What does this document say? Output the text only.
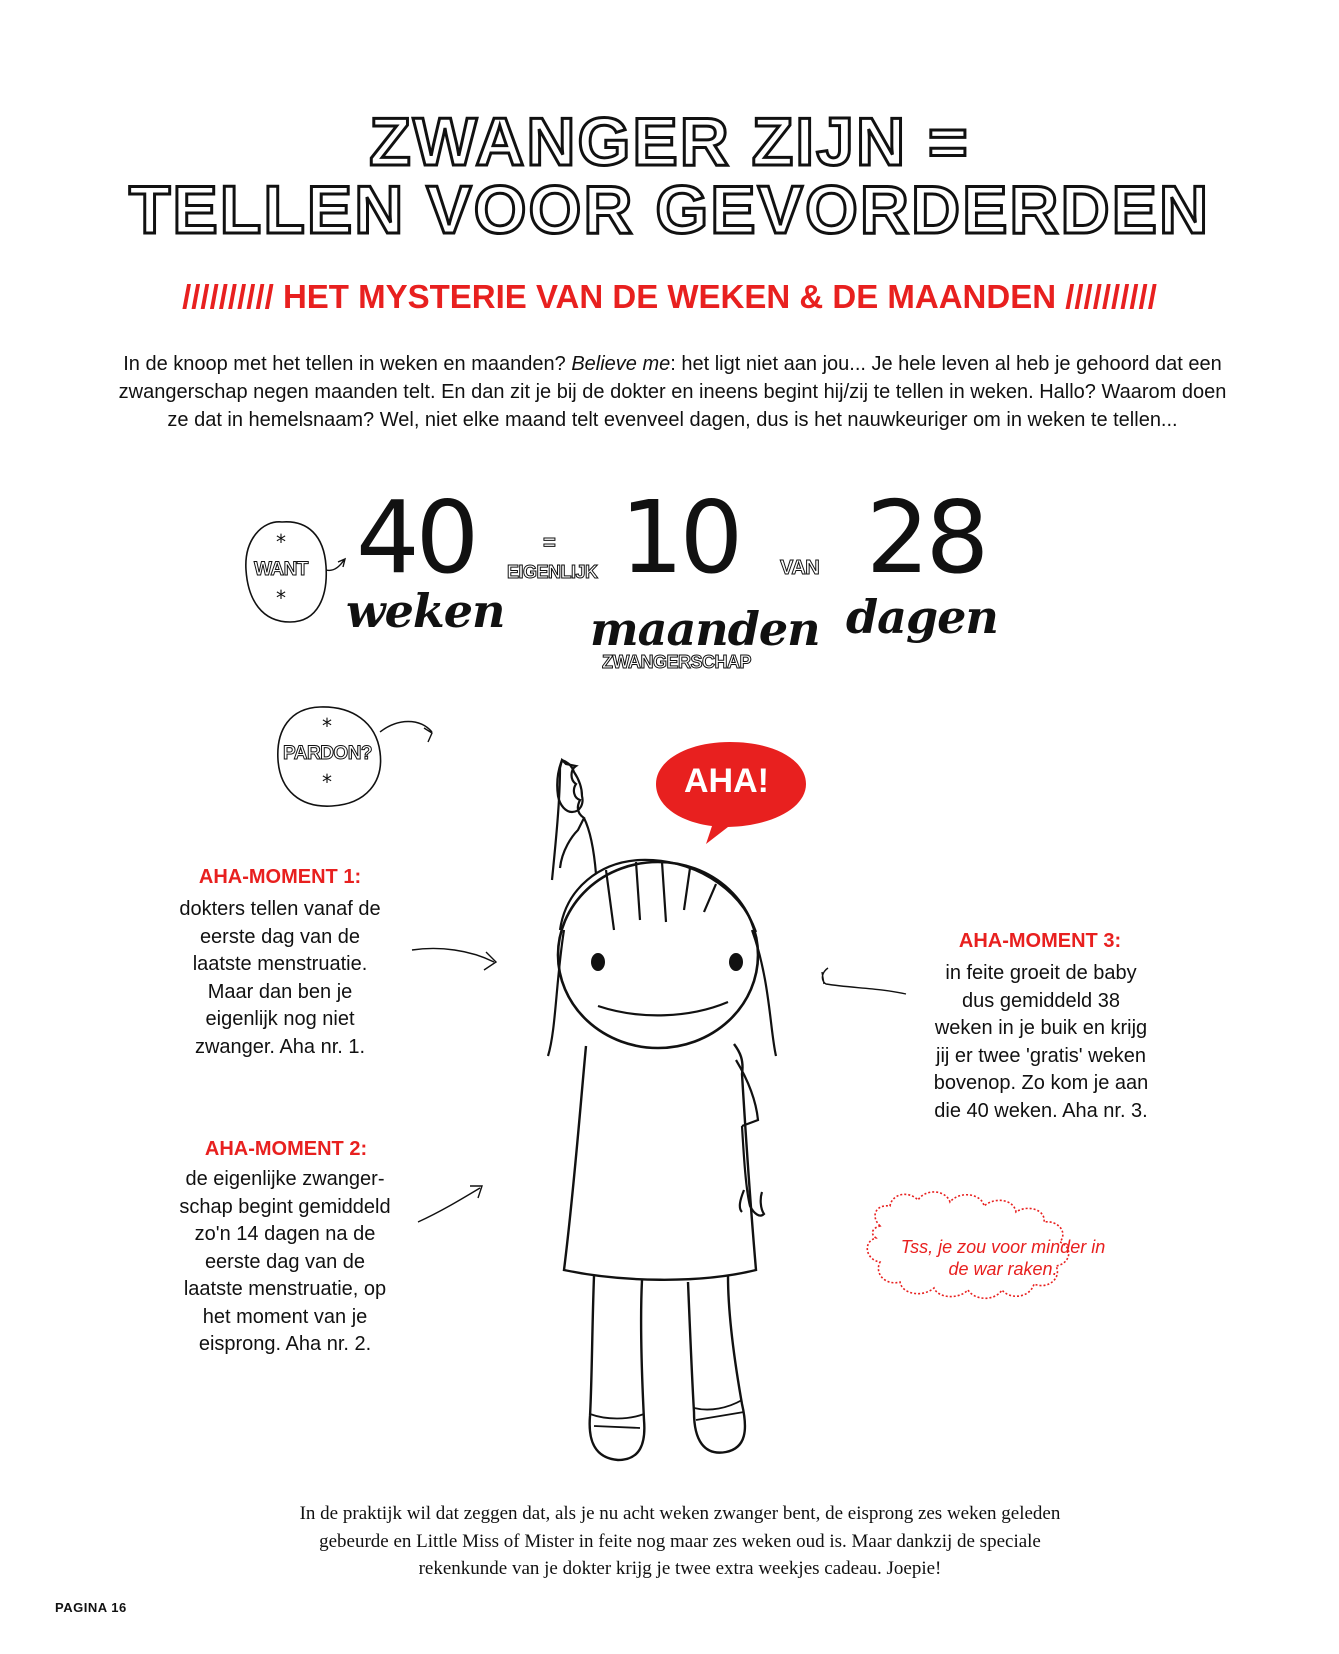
ZWANGER ZIJN =
TELLEN VOOR GEVORDERDEN
////////// HET MYSTERIE VAN DE WEKEN & DE MAANDEN //////////
In de knoop met het tellen in weken en maanden? Believe me: het ligt niet aan jou... Je hele leven al heb je gehoord dat een zwangerschap negen maanden telt. En dan zit je bij de dokter en ineens begint hij/zij te tellen in weken. Hallo? Waarom doen ze dat in hemelsnaam? Wel, niet elke maand telt evenveel dagen, dus is het nauwkeuriger om in weken te tellen...
*
WANT
*
40
weken
=
EIGENLIJK 10
maanden
ZWANGERSCHAP
VAN 28
dagen
*
PARDON?
*	AHA!
AHA-MOMENT 1:
dokters tellen vanaf de
eerste dag van de
laatste menstruatie.
Maar dan ben je
eigenlijk nog niet
zwanger. Aha nr. 1.
AHA-MOMENT 2:
de eigenlijke zwanger-
schap begint gemiddeld
zo'n 14 dagen na de
eerste dag van de
laatste menstruatie, op
het moment van je
eisprong. Aha nr. 2.
AHA-MOMENT 3:
in feite groeit de baby
dus gemiddeld 38
weken in je buik en krijg
jij er twee 'gratis' weken
bovenop. Zo kom je aan
die 40 weken. Aha nr. 3.
Tss, je zou voor minder in
de war raken.
In de praktijk wil dat zeggen dat, als je nu acht weken zwanger bent, de eisprong zes weken geleden
gebeurde en Little Miss of Mister in feite nog maar zes weken oud is. Maar dankzij de speciale
rekenkunde van je dokter krijg je twee extra weekjes cadeau. Joepie!
PAGINA 16
